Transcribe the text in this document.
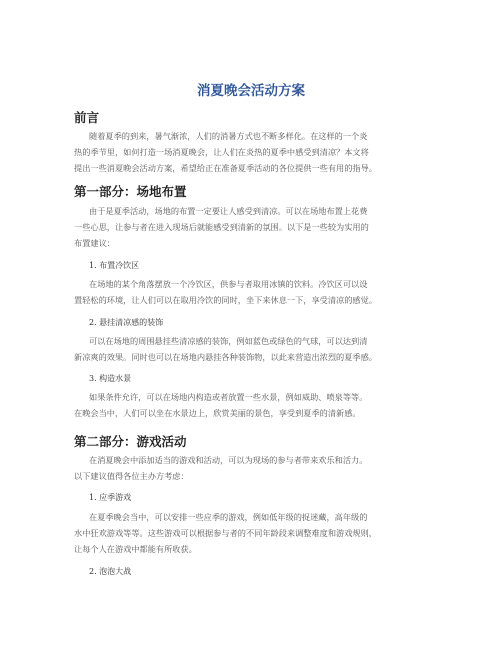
消夏晚会活动方案
前言
随着夏季的到来，暑气渐浓，人们的消暑方式也不断多样化。在这样的一个炎
热的季节里，如何打造一场消夏晚会，让人们在炎热的夏季中感受到清凉？本文将
提出一些消夏晚会活动方案，希望给正在准备夏季活动的各位提供一些有用的指导。
第一部分：场地布置
由于是夏季活动，场地的布置一定要让人感受到清凉。可以在场地布置上花费
一些心思，让参与者在进入现场后就能感受到清新的氛围。以下是一些较为实用的
布置建议：
1. 布置冷饮区
在场地的某个角落摆放一个冷饮区，供参与者取用冰镇的饮料。冷饮区可以设
置轻松的环境，让人们可以在取用冷饮的同时，坐下来休息一下，享受清凉的感觉。
2. 悬挂清凉感的装饰
可以在场地的周围悬挂些清凉感的装饰，例如蓝色或绿色的气球，可以达到清
新凉爽的效果。同时也可以在场地内悬挂各种装饰物，以此来营造出浓烈的夏季感。
3. 构造水景
如果条件允许，可以在场地内构造或者放置一些水景，例如威助、喷泉等等。
在晚会当中，人们可以坐在水景边上，欣赏美丽的景色，享受到夏季的清新感。
第二部分：游戏活动
在消夏晚会中添加适当的游戏和活动，可以为现场的参与者带来欢乐和活力。
以下建议值得各位主办方考虑：
1. 应季游戏
在夏季晚会当中，可以安排一些应季的游戏，例如低年级的捉迷藏，高年级的
水中狂欢游戏等等。这些游戏可以根据参与者的不同年龄段来调整难度和游戏规则，
让每个人在游戏中都能有所收获。
2. 泡泡大战
